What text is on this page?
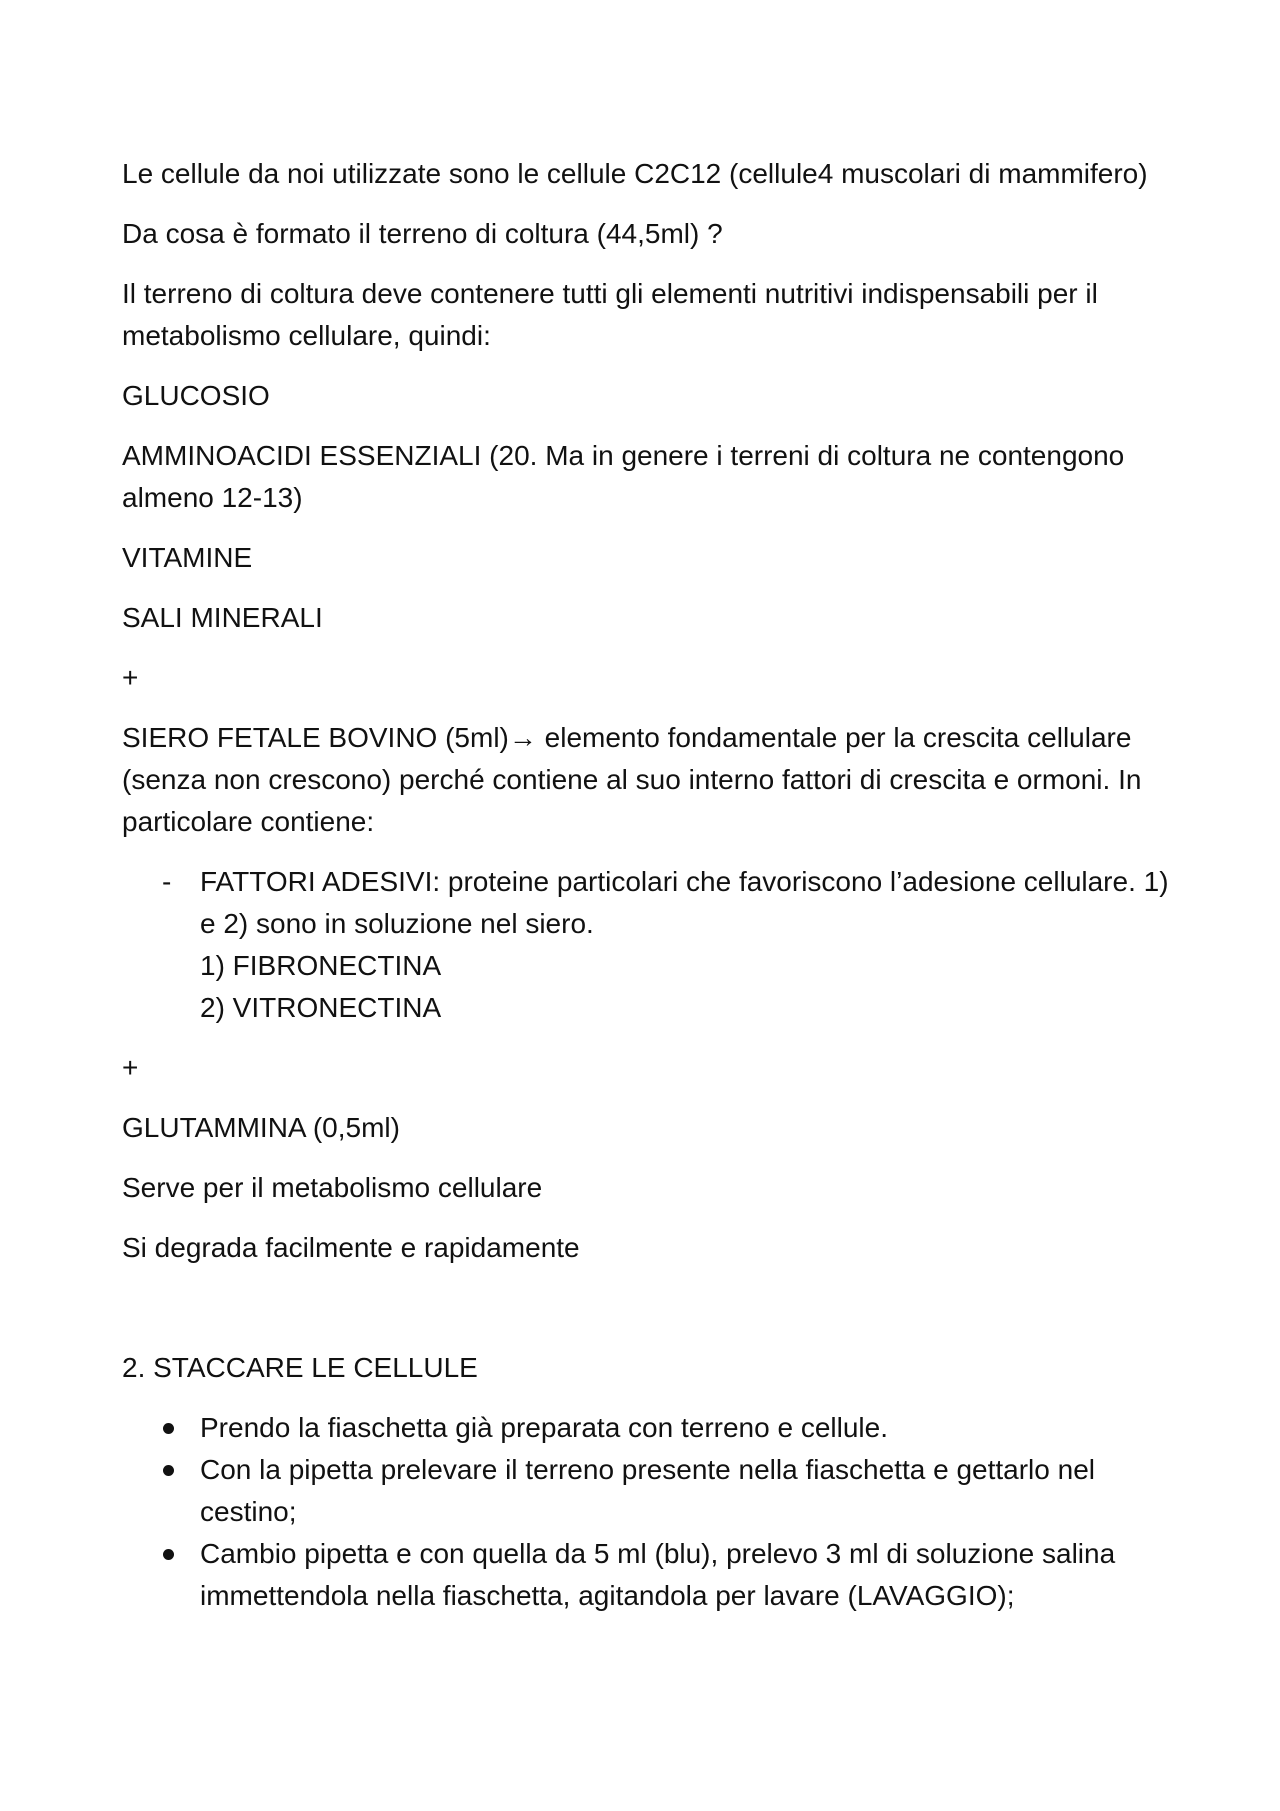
Le cellule da noi utilizzate sono le cellule C2C12 (cellule4 muscolari di mammifero)

Da cosa è formato il terreno di coltura (44,5ml) ?

Il terreno di coltura deve contenere tutti gli elementi nutritivi indispensabili per il metabolismo cellulare, quindi:

GLUCOSIO

AMMINOACIDI ESSENZIALI (20. Ma in genere i terreni di coltura ne contengono almeno 12-13)

VITAMINE

SALI MINERALI

+

SIERO FETALE BOVINO (5ml)→ elemento fondamentale per la crescita cellulare (senza non crescono) perché contiene al suo interno fattori di crescita e ormoni. In particolare contiene:

- FATTORI ADESIVI: proteine particolari che favoriscono l’adesione cellulare. 1) e 2) sono in soluzione nel siero.
1) FIBRONECTINA
2) VITRONECTINA

+

GLUTAMMINA (0,5ml)

Serve per il metabolismo cellulare

Si degrada facilmente e rapidamente

2. STACCARE LE CELLULE

Prendo la fiaschetta già preparata con terreno e cellule.
Con la pipetta prelevare il terreno presente nella fiaschetta e gettarlo nel cestino;
Cambio pipetta e con quella da 5 ml (blu), prelevo 3 ml di soluzione salina immettendola nella fiaschetta, agitandola per lavare (LAVAGGIO);
